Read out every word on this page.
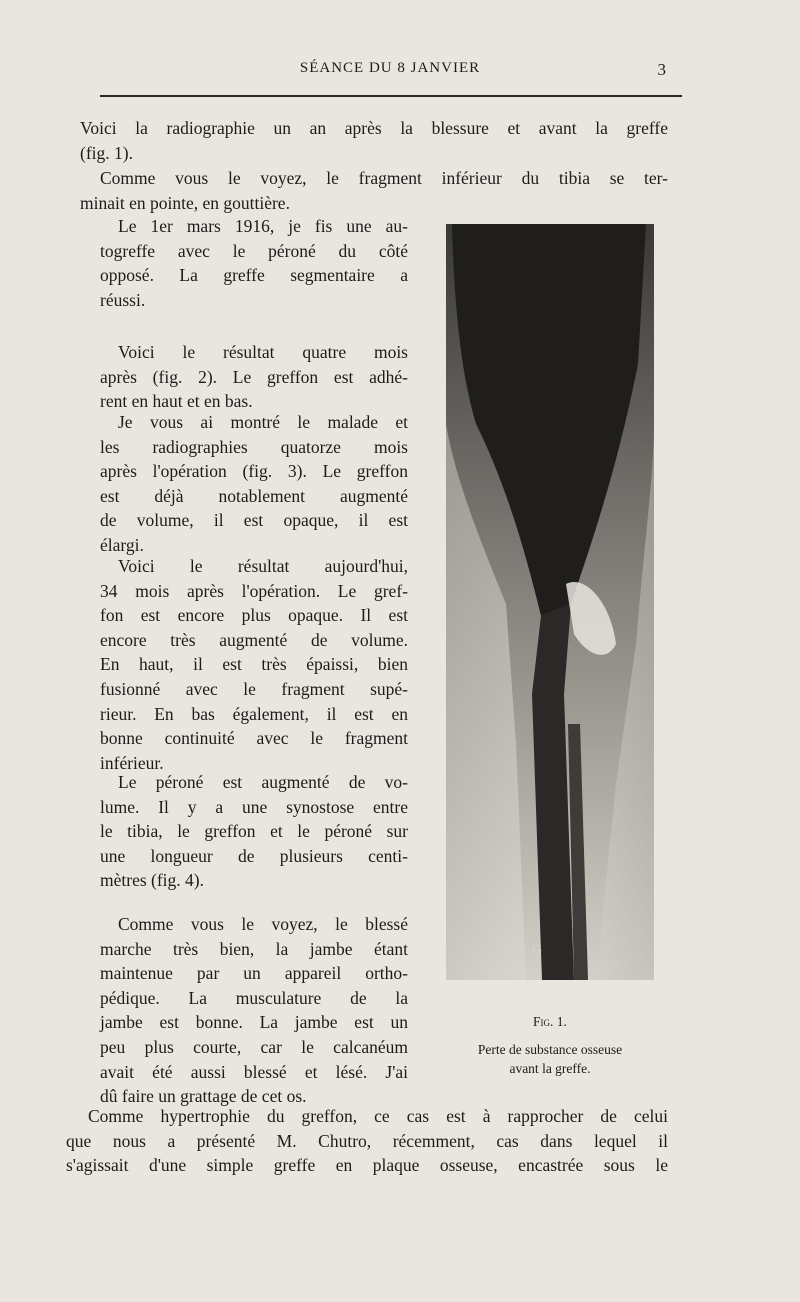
SÉANCE DU 8 JANVIER	3
Voici la radiographie un an après la blessure et avant la greffe
(fig. 1).
Comme vous le voyez, le fragment inférieur du tibia se ter-
minait en pointe, en gouttière.
Le 1er mars 1916, je fis une au-
togreffe avec le péroné du côté
opposé. La greffe segmentaire a
réussi.
Voici le résultat quatre mois
après (fig. 2). Le greffon est adhé-
rent en haut et en bas.
Je vous ai montré le malade et
les radiographies quatorze mois
après l'opération (fig. 3). Le greffon
est déjà notablement augmenté
de volume, il est opaque, il est
élargi.
Voici le résultat aujourd'hui,
34 mois après l'opération. Le gref-
fon est encore plus opaque. Il est
encore très augmenté de volume.
En haut, il est très épaissi, bien
fusionné avec le fragment supé-
rieur. En bas également, il est en
bonne continuité avec le fragment
inférieur.
Le péroné est augmenté de vo-
lume. Il y a une synostose entre
le tibia, le greffon et le péroné sur
une longueur de plusieurs centi-
mètres (fig. 4).
Comme vous le voyez, le blessé
marche très bien, la jambe étant
maintenue par un appareil ortho-
pédique. La musculature de la
jambe est bonne. La jambe est un
peu plus courte, car le calcanéum
avait été aussi blessé et lésé. J'ai
dû faire un grattage de cet os.
Comme hypertrophie du greffon, ce cas est à rapprocher de celui
que nous a présenté M. Chutro, récemment, cas dans lequel il
s'agissait d'une simple greffe en plaque osseuse, encastrée sous le
G
Fig. 1.
Perte de substance osseuse
avant la greffe.
